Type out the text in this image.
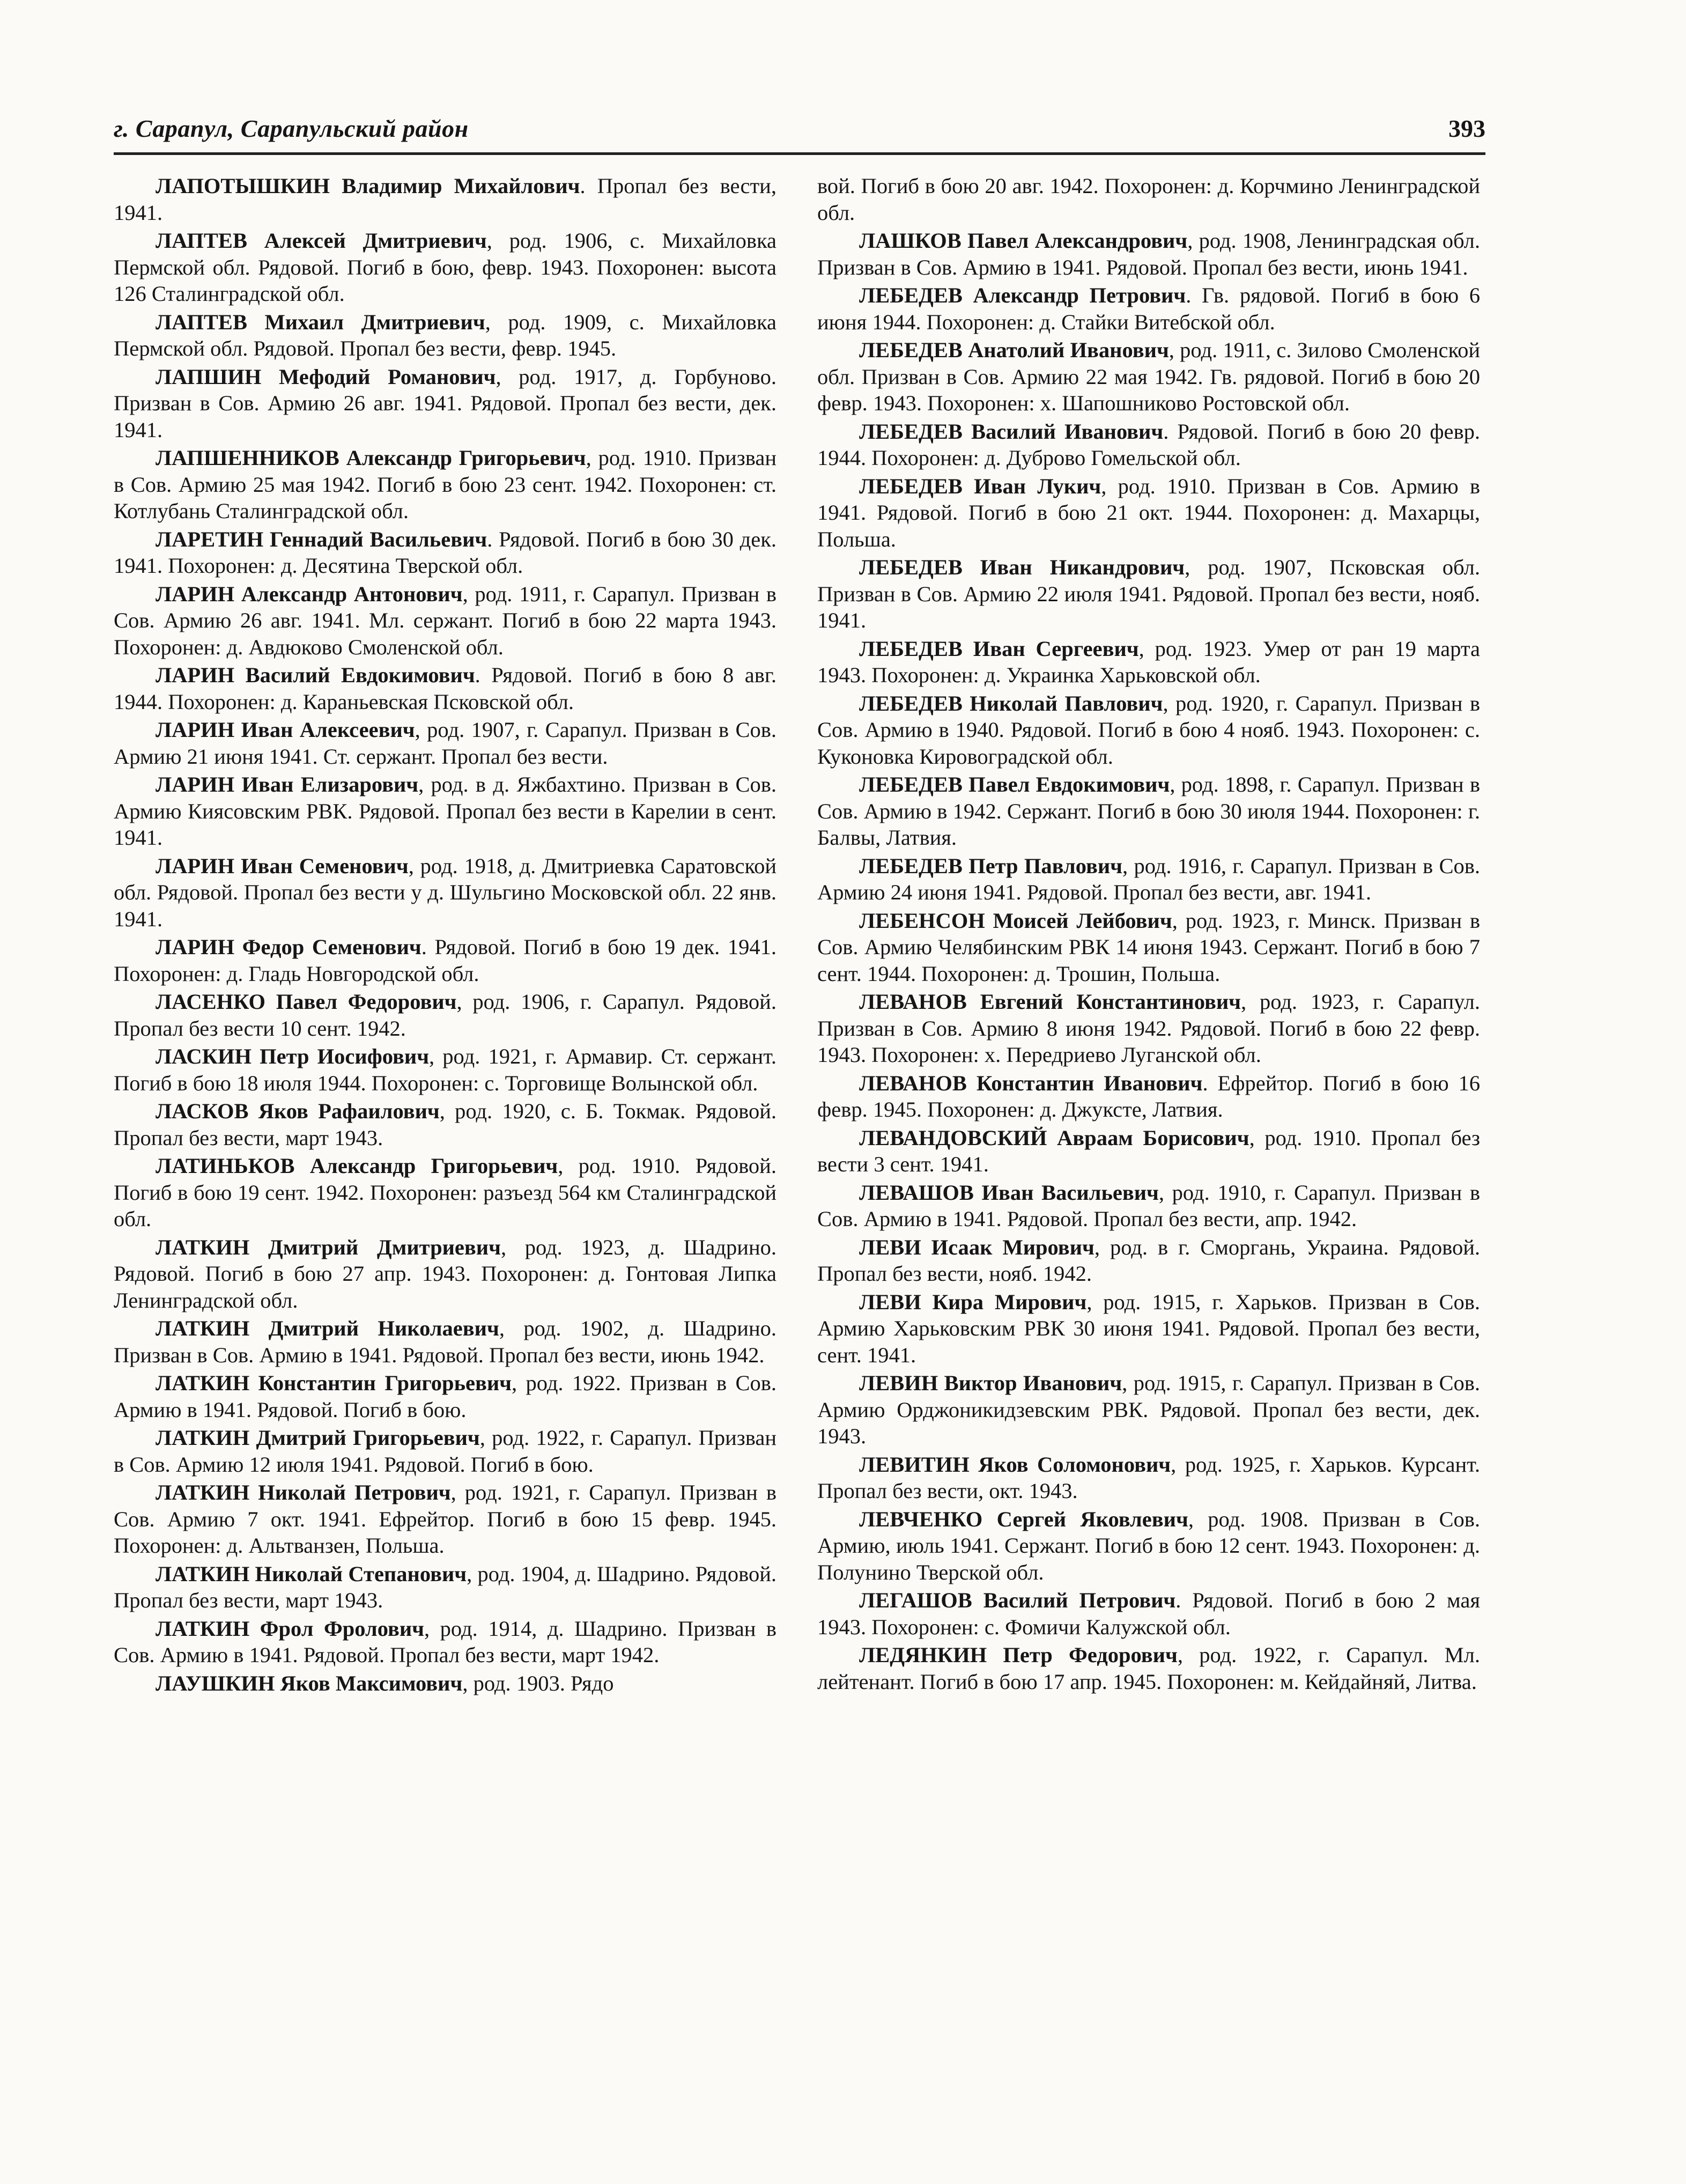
г. Сарапул, Сарапульский район	393

ЛАПОТЫШКИН Владимир Михайлович. Пропал без вести, 1941.

ЛАПТЕВ Алексей Дмитриевич, род. 1906, с. Михайловка Пермской обл. Рядовой. Погиб в бою, февр. 1943. Похоронен: высота 126 Сталинградской обл.

ЛАПТЕВ Михаил Дмитриевич, род. 1909, с. Михайловка Пермской обл. Рядовой. Пропал без вести, февр. 1945.

ЛАПШИН Мефодий Романович, род. 1917, д. Горбуново. Призван в Сов. Армию 26 авг. 1941. Рядовой. Пропал без вести, дек. 1941.

ЛАПШЕННИКОВ Александр Григорьевич, род. 1910. Призван в Сов. Армию 25 мая 1942. Погиб в бою 23 сент. 1942. Похоронен: ст. Котлубань Сталинградской обл.

ЛАРЕТИН Геннадий Васильевич. Рядовой. Погиб в бою 30 дек. 1941. Похоронен: д. Десятина Тверской обл.

ЛАРИН Александр Антонович, род. 1911, г. Сарапул. Призван в Сов. Армию 26 авг. 1941. Мл. сержант. Погиб в бою 22 марта 1943. Похоронен: д. Авдюково Смоленской обл.

ЛАРИН Василий Евдокимович. Рядовой. Погиб в бою 8 авг. 1944. Похоронен: д. Караньевская Псковской обл.

ЛАРИН Иван Алексеевич, род. 1907, г. Сарапул. Призван в Сов. Армию 21 июня 1941. Ст. сержант. Пропал без вести.

ЛАРИН Иван Елизарович, род. в д. Яжбахтино. Призван в Сов. Армию Киясовским РВК. Рядовой. Пропал без вести в Карелии в сент. 1941.

ЛАРИН Иван Семенович, род. 1918, д. Дмитриевка Саратовской обл. Рядовой. Пропал без вести у д. Шульгино Московской обл. 22 янв. 1941.

ЛАРИН Федор Семенович. Рядовой. Погиб в бою 19 дек. 1941. Похоронен: д. Гладь Новгородской обл.

ЛАСЕНКО Павел Федорович, род. 1906, г. Сарапул. Рядовой. Пропал без вести 10 сент. 1942.

ЛАСКИН Петр Иосифович, род. 1921, г. Армавир. Ст. сержант. Погиб в бою 18 июля 1944. Похоронен: с. Торговище Волынской обл.

ЛАСКОВ Яков Рафаилович, род. 1920, с. Б. Токмак. Рядовой. Пропал без вести, март 1943.

ЛАТИНЬКОВ Александр Григорьевич, род. 1910. Рядовой. Погиб в бою 19 сент. 1942. Похоронен: разъезд 564 км Сталинградской обл.

ЛАТКИН Дмитрий Дмитриевич, род. 1923, д. Шадрино. Рядовой. Погиб в бою 27 апр. 1943. Похоронен: д. Гонтовая Липка Ленинградской обл.

ЛАТКИН Дмитрий Николаевич, род. 1902, д. Шадрино. Призван в Сов. Армию в 1941. Рядовой. Пропал без вести, июнь 1942.

ЛАТКИН Константин Григорьевич, род. 1922. Призван в Сов. Армию в 1941. Рядовой. Погиб в бою.

ЛАТКИН Дмитрий Григорьевич, род. 1922, г. Сарапул. Призван в Сов. Армию 12 июля 1941. Рядовой. Погиб в бою.

ЛАТКИН Николай Петрович, род. 1921, г. Сарапул. Призван в Сов. Армию 7 окт. 1941. Ефрейтор. Погиб в бою 15 февр. 1945. Похоронен: д. Альтванзен, Польша.

ЛАТКИН Николай Степанович, род. 1904, д. Шадрино. Рядовой. Пропал без вести, март 1943.

ЛАТКИН Фрол Фролович, род. 1914, д. Шадрино. Призван в Сов. Армию в 1941. Рядовой. Пропал без вести, март 1942.

ЛАУШКИН Яков Максимович, род. 1903. Рядо

вой. Погиб в бою 20 авг. 1942. Похоронен: д. Корчмино Ленинградской обл.

ЛАШКОВ Павел Александрович, род. 1908, Ленинградская обл. Призван в Сов. Армию в 1941. Рядовой. Пропал без вести, июнь 1941.

ЛЕБЕДЕВ Александр Петрович. Гв. рядовой. Погиб в бою 6 июня 1944. Похоронен: д. Стайки Витебской обл.

ЛЕБЕДЕВ Анатолий Иванович, род. 1911, с. Зилово Смоленской обл. Призван в Сов. Армию 22 мая 1942. Гв. рядовой. Погиб в бою 20 февр. 1943. Похоронен: х. Шапошниково Ростовской обл.

ЛЕБЕДЕВ Василий Иванович. Рядовой. Погиб в бою 20 февр. 1944. Похоронен: д. Дуброво Гомельской обл.

ЛЕБЕДЕВ Иван Лукич, род. 1910. Призван в Сов. Армию в 1941. Рядовой. Погиб в бою 21 окт. 1944. Похоронен: д. Махарцы, Польша.

ЛЕБЕДЕВ Иван Никандрович, род. 1907, Псковская обл. Призван в Сов. Армию 22 июля 1941. Рядовой. Пропал без вести, нояб. 1941.

ЛЕБЕДЕВ Иван Сергеевич, род. 1923. Умер от ран 19 марта 1943. Похоронен: д. Украинка Харьковской обл.

ЛЕБЕДЕВ Николай Павлович, род. 1920, г. Сарапул. Призван в Сов. Армию в 1940. Рядовой. Погиб в бою 4 нояб. 1943. Похоронен: с. Куконовка Кировоградской обл.

ЛЕБЕДЕВ Павел Евдокимович, род. 1898, г. Сарапул. Призван в Сов. Армию в 1942. Сержант. Погиб в бою 30 июля 1944. Похоронен: г. Балвы, Латвия.

ЛЕБЕДЕВ Петр Павлович, род. 1916, г. Сарапул. Призван в Сов. Армию 24 июня 1941. Рядовой. Пропал без вести, авг. 1941.

ЛЕБЕНСОН Моисей Лейбович, род. 1923, г. Минск. Призван в Сов. Армию Челябинским РВК 14 июня 1943. Сержант. Погиб в бою 7 сент. 1944. Похоронен: д. Трошин, Польша.

ЛЕВАНОВ Евгений Константинович, род. 1923, г. Сарапул. Призван в Сов. Армию 8 июня 1942. Рядовой. Погиб в бою 22 февр. 1943. Похоронен: х. Передриево Луганской обл.

ЛЕВАНОВ Константин Иванович. Ефрейтор. Погиб в бою 16 февр. 1945. Похоронен: д. Джуксте, Латвия.

ЛЕВАНДОВСКИЙ Авраам Борисович, род. 1910. Пропал без вести 3 сент. 1941.

ЛЕВАШОВ Иван Васильевич, род. 1910, г. Сарапул. Призван в Сов. Армию в 1941. Рядовой. Пропал без вести, апр. 1942.

ЛЕВИ Исаак Мирович, род. в г. Сморгань, Украина. Рядовой. Пропал без вести, нояб. 1942.

ЛЕВИ Кира Мирович, род. 1915, г. Харьков. Призван в Сов. Армию Харьковским РВК 30 июня 1941. Рядовой. Пропал без вести, сент. 1941.

ЛЕВИН Виктор Иванович, род. 1915, г. Сарапул. Призван в Сов. Армию Орджоникидзевским РВК. Рядовой. Пропал без вести, дек. 1943.

ЛЕВИТИН Яков Соломонович, род. 1925, г. Харьков. Курсант. Пропал без вести, окт. 1943.

ЛЕВЧЕНКО Сергей Яковлевич, род. 1908. Призван в Сов. Армию, июль 1941. Сержант. Погиб в бою 12 сент. 1943. Похоронен: д. Полунино Тверской обл.

ЛЕГАШОВ Василий Петрович. Рядовой. Погиб в бою 2 мая 1943. Похоронен: с. Фомичи Калужской обл.

ЛЕДЯНКИН Петр Федорович, род. 1922, г. Сарапул. Мл. лейтенант. Погиб в бою 17 апр. 1945. Похоронен: м. Кейдайняй, Литва.
